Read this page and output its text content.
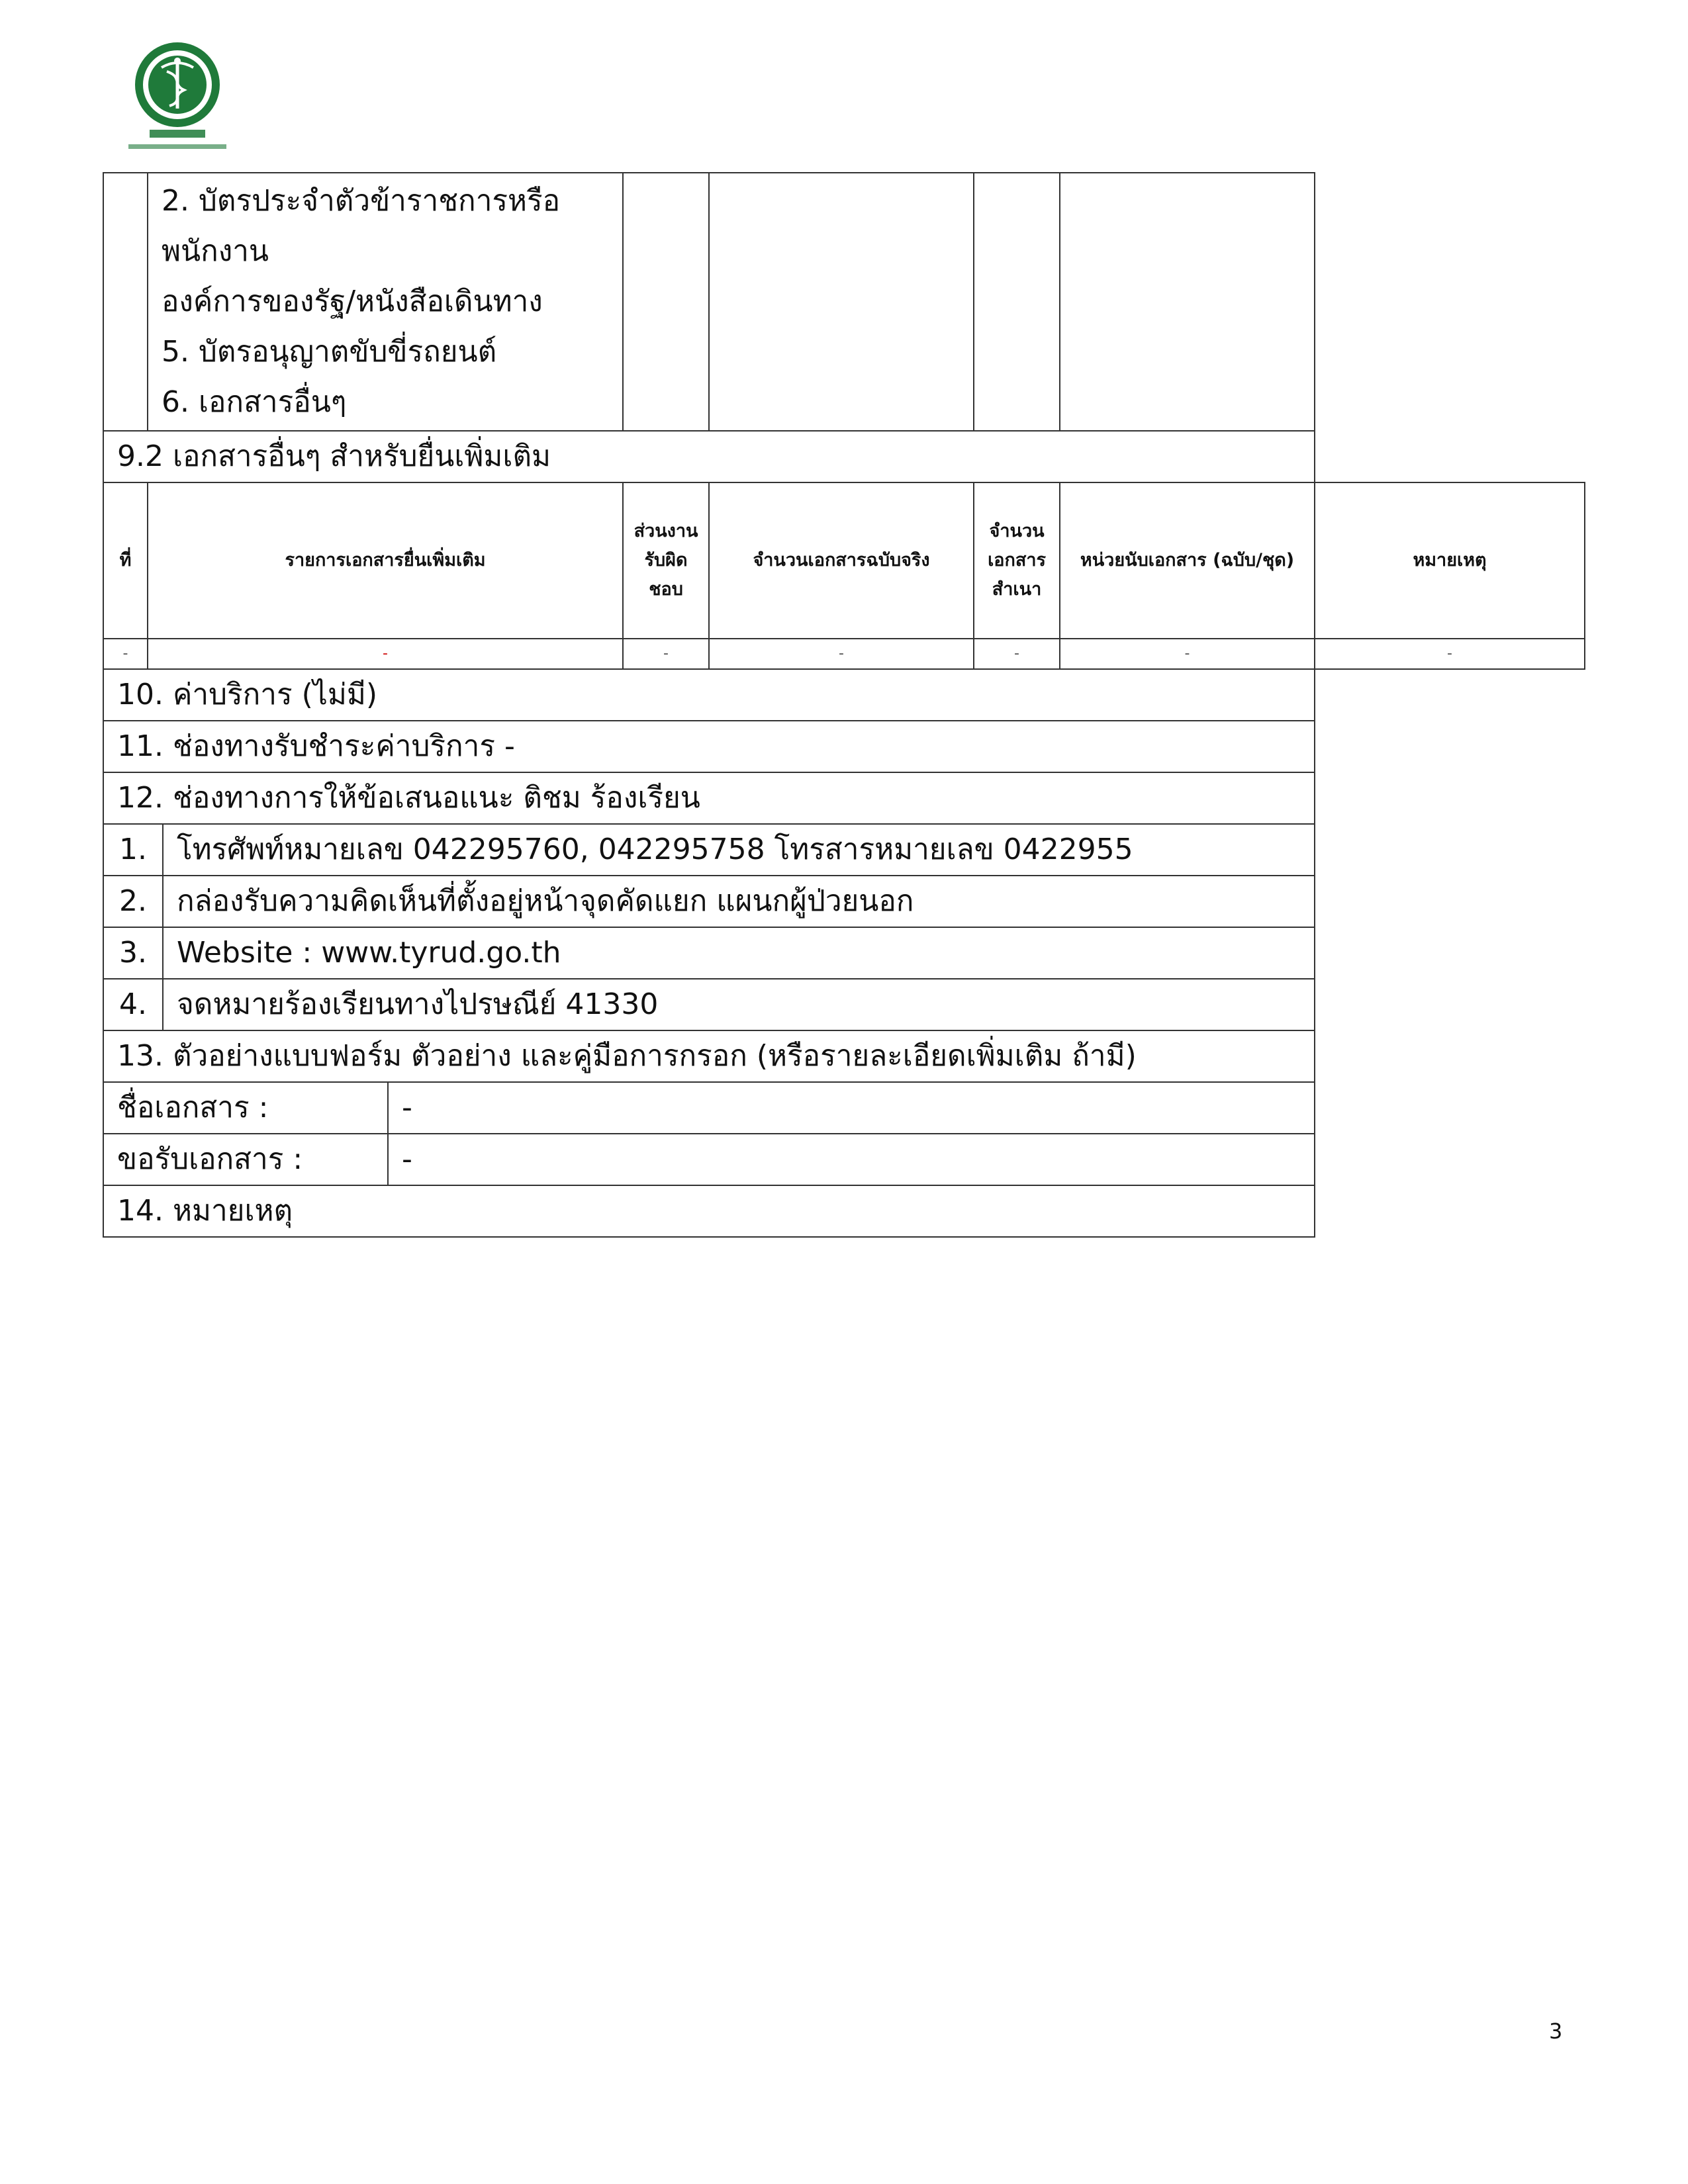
	2. บัตรประจำตัวข้าราชการหรือพนักงาน
องค์การของรัฐ/หนังสือเดินทาง
5. บัตรอนุญาตขับขี่รถยนต์
6. เอกสารอื่นๆ							

9.2 เอกสารอื่นๆ สำหรับยื่นเพิ่มเติม								
ที่	รายการเอกสารยื่นเพิ่มเติม			ส่วนงานรับผิดชอบ	จำนวนเอกสารฉบับจริง	จำนวนเอกสารสำเนา	หน่วยนับเอกสาร (ฉบับ/ชุด)	หมายเหตุ
-	-			-	-	-	-	-
10. ค่าบริการ (ไม่มี)								
11. ช่องทางรับชำระค่าบริการ -								
12. ช่องทางการให้ข้อเสนอแนะ ติชม ร้องเรียน								
1.		โทรศัพท์หมายเลข 042295760, 042295758 โทรสารหมายเลข 0422955						
2.		กล่องรับความคิดเห็นที่ตั้งอยู่หน้าจุดคัดแยก แผนกผู้ป่วยนอก						
3.		Website : www.tyrud.go.th						
4.		จดหมายร้องเรียนทางไปรษณีย์ 41330						
13. ตัวอย่างแบบฟอร์ม ตัวอย่าง และคู่มือการกรอก (หรือรายละเอียดเพิ่มเติม ถ้ามี)								
ชื่อเอกสาร :			-					
ขอรับเอกสาร :			-					
14. หมายเหตุ								
3
